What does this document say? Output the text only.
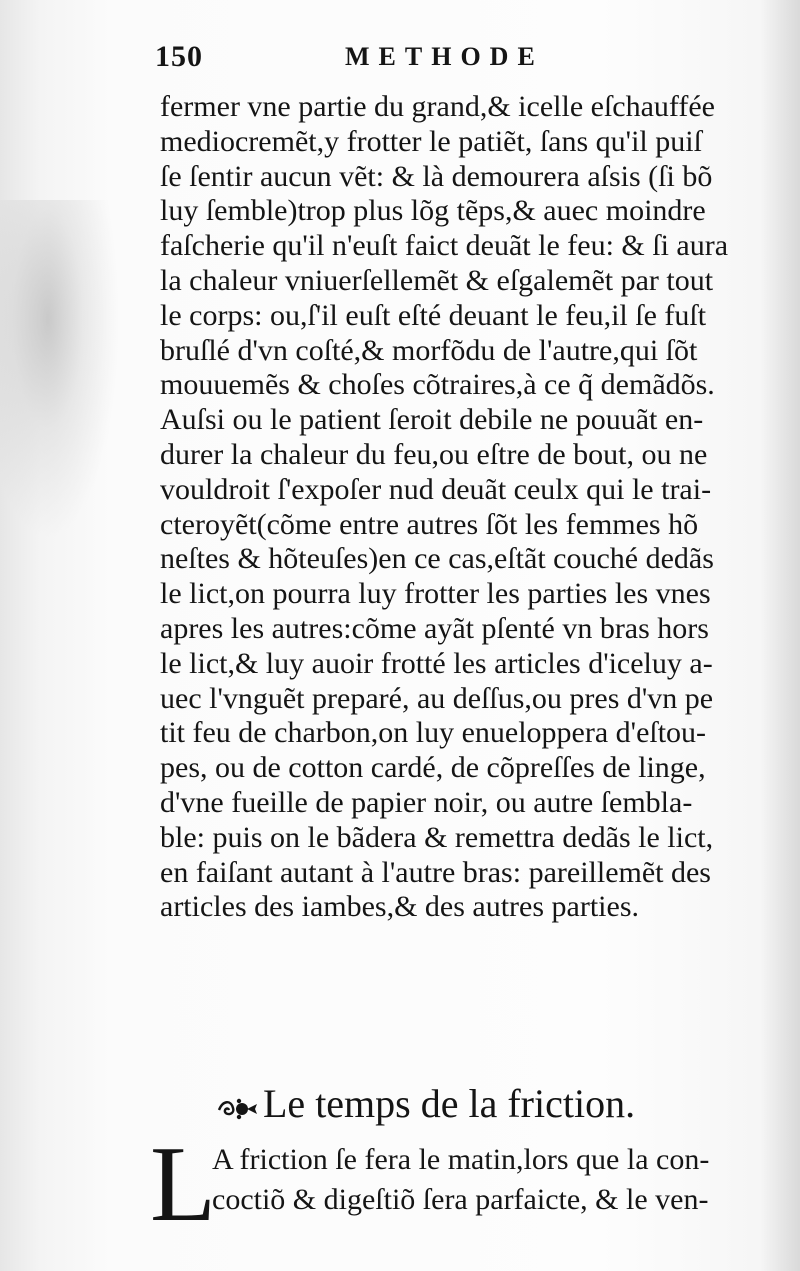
150	METHODE
fermer vne partie du grand,& icelle eſchauffée
mediocremẽt,y frotter le patiẽt, ſans qu'il puiſ
ſe ſentir aucun vẽt: & là demourera aſsis (ſi bõ
luy ſemble)trop plus lõg tẽps,& auec moindre
faſcherie qu'il n'euſt faict deuãt le feu: & ſi aura
la chaleur vniuerſellemẽt & eſgalemẽt par tout
le corps: ou,ſ'il euſt eſté deuant le feu,il ſe fuſt
bruſlé d'vn coſté,& morfõdu de l'autre,qui ſõt
mouuemẽs & choſes cõtraires,à ce q̃ demãdõs.
Auſsi ou le patient ſeroit debile ne pouuãt en-
durer la chaleur du feu,ou eſtre de bout, ou ne
vouldroit ſ'expoſer nud deuãt ceulx qui le trai-
cteroyẽt(cõme entre autres ſõt les femmes hõ
neſtes & hõteuſes)en ce cas,eſtãt couché dedãs
le lict,on pourra luy frotter les parties les vnes
apres les autres:cõme ayãt pſenté vn bras hors
le lict,& luy auoir frotté les articles d'iceluy a-
uec l'vnguẽt preparé, au deſſus,ou pres d'vn pe
tit feu de charbon,on luy enueloppera d'eſtou-
pes, ou de cotton cardé, de cõpreſſes de linge,
d'vne fueille de papier noir, ou autre ſembla-
ble: puis on le bãdera & remettra dedãs le lict,
en faiſant autant à l'autre bras: pareillemẽt des
articles des iambes,& des autres parties.
Le temps de la friction.
L
A friction ſe fera le matin,lors que la con-
coctiõ & digeſtiõ ſera parfaicte, & le ven-
